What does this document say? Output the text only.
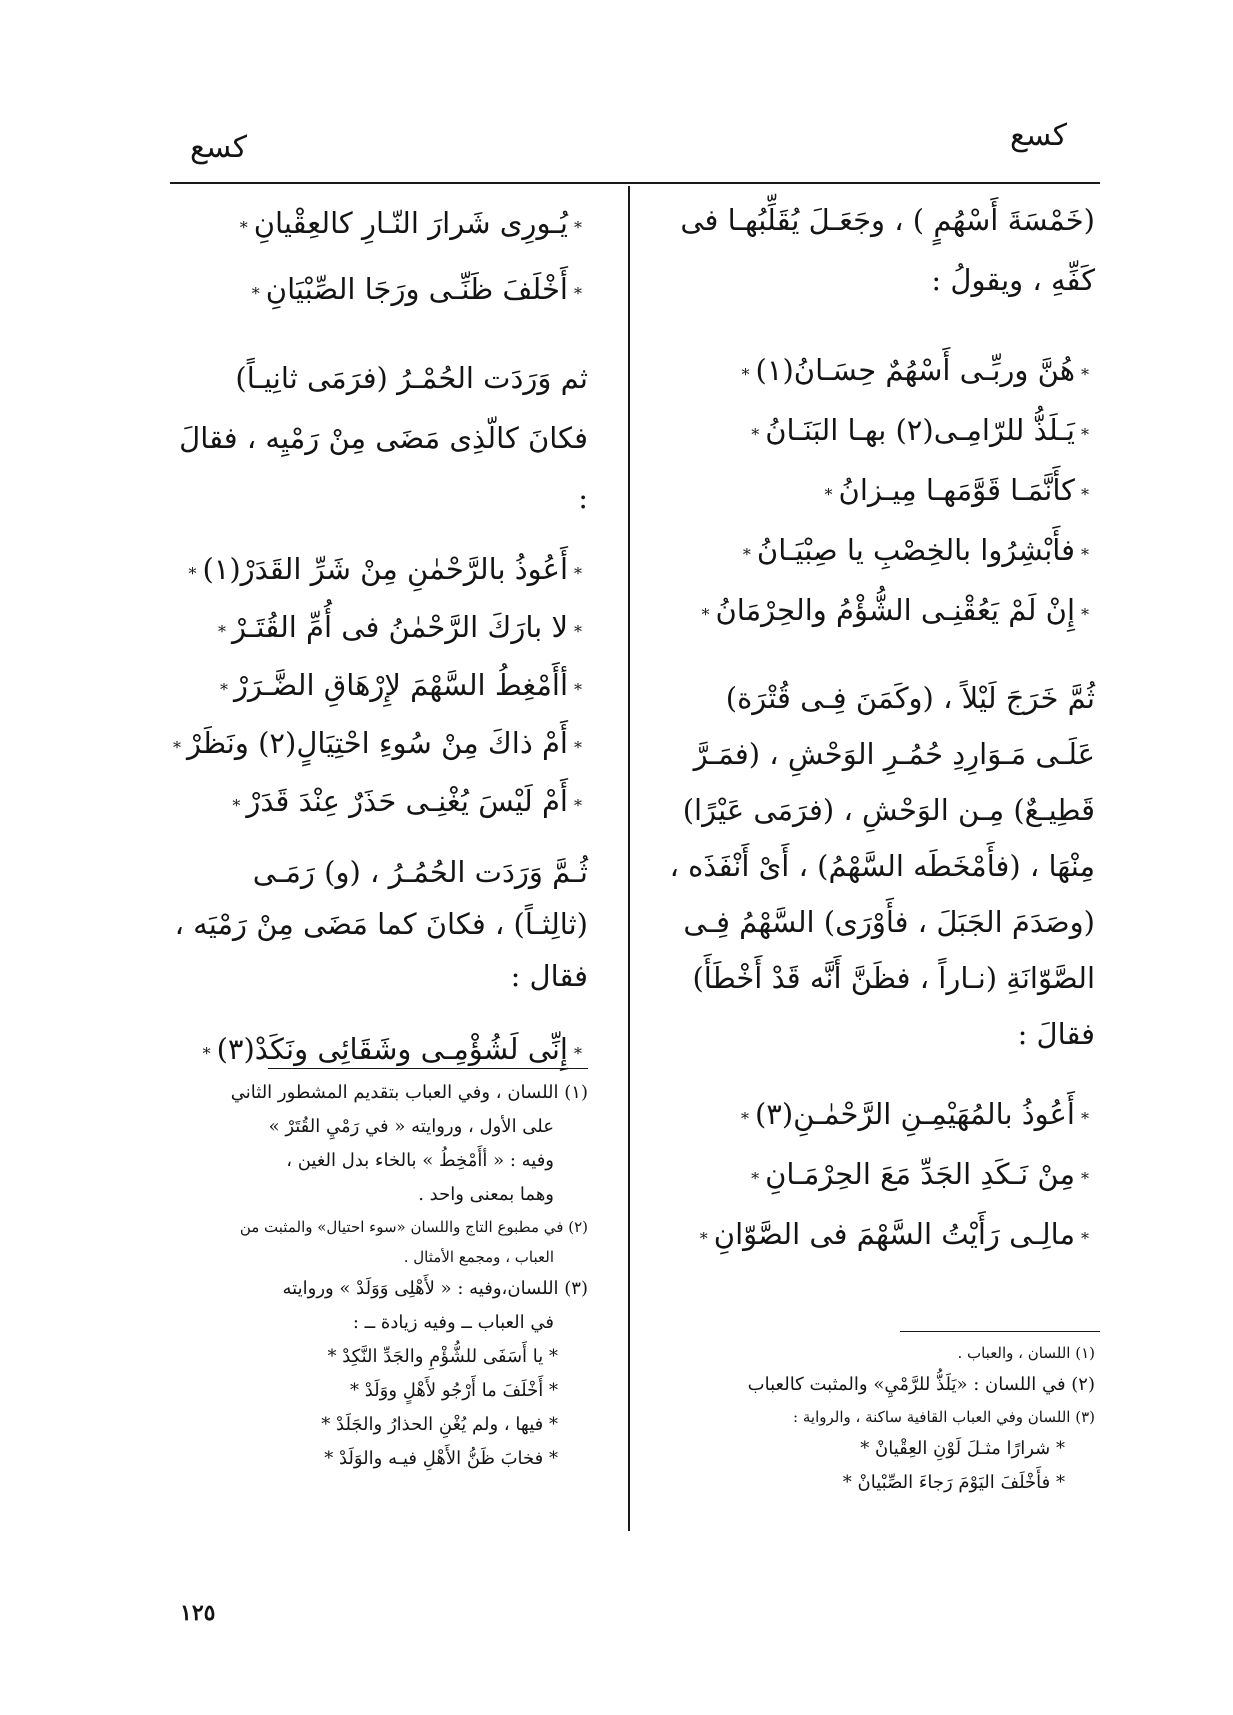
كسع	كسع
*يُـورِى شَرارَ النّـارِ كالعِقْيانِ*
*أَخْلَفَ ظَنِّـى ورَجَا الصِّبْيَانِ*
ثم وَرَدَت الحُمْـرُ (فرَمَى ثانِيـاً)
فكانَ كالّذِى مَضَى مِنْ رَمْيِه ، فقالَ :
*أَعُوذُ بالرَّحْمٰنِ مِنْ شَرِّ القَدَرْ(١)*
*لا بارَكَ الرَّحْمٰنُ فى أُمِّ القُتَـرْ*
*أأَمْغِطُ السَّهْمَ لإِرْهَاقِ الضَّـرَرْ*
*أَمْ ذاكَ مِنْ سُوءِ احْتِيَالٍ(٢) ونَظَرْ*
*أَمْ لَيْسَ يُغْنِـى حَذَرٌ عِنْدَ قَدَرْ*
ثُـمَّ وَرَدَت الحُمُـرُ ، (و) رَمَـى
(ثالِثـاً) ، فكانَ كما مَضَى مِنْ رَمْيَه ،
فقال :
*إِنِّى لَشُؤْمِـى وشَقَائِى ونَكَدْ(٣)*
(١) اللسان ، وفي العباب بتقديم المشطور الثاني
على الأول ، وروايته « في رَمْيِ القُتَرْ »
وفيه : « أأَمْخِطُ » بالخاء بدل الغين ،
وهما بمعنى واحد .
(٢) في مطبوع التاج واللسان «سوء احتيال» والمثبت من
العباب ، ومجمع الأمثال .
(٣) اللسان،وفيه : « لأَهْلِى وَوَلَدْ » وروايته
في العباب ــ وفيه زيادة ــ :
* يا أَسَفَى للشُّؤْمِ والجَدِّ النَّكِدْ *
* أَخْلَفَ ما أَرْجُو لأَهْلٍ ووَلَدْ *
* فيها ، ولم يُغْنِ الحذارُ والجَلَدْ *
* فخابَ ظَنُّ الأَهْلِ فيـه والوَلَدْ *
(خَمْسَةَ أَسْهُمٍ ) ، وجَعَـلَ يُقَلِّبُهـا فى
كَفِّهِ ، ويقولُ :
*هُنَّ وربِّـى أَسْهُمٌ حِسَـانُ(١)*
*يَـلَذُّ للرّامِـى(٢) بهـا البَنَـانُ*
*كأَنَّمَـا قَوَّمَهـا مِيـزانُ*
*فأَبْشِرُوا بالخِصْبِ يا صِبْيَـانُ*
*إِنْ لَمْ يَعُقْنِـى الشُّؤْمُ والحِرْمَانُ*
ثُمَّ خَرَجَ لَيْلاً ، (وكَمَنَ فِـى قُتْرَة)
عَلَـى مَـوَارِدِ حُمُـرِ الوَحْشِ ، (فمَـرَّ
قَطِيـعٌ) مِـن الوَحْشِ ، (فرَمَى عَيْرًا)
مِنْهَا ، (فأَمْخَطَه السَّهْمُ) ، أَىْ أَنْفَذَه ،
(وصَدَمَ الجَبَلَ ، فأَوْرَى) السَّهْمُ فِـى
الصَّوّانَةِ (نـاراً ، فظَنَّ أَنَّه قَدْ أَخْطَأَ)
فقالَ :
*أَعُوذُ بالمُهَيْمِـنِ الرَّحْمٰـنِ(٣)*
*مِنْ نَـكَدِ الجَدِّ مَعَ الحِرْمَـانِ*
*مالِـى رَأَيْتُ السَّهْمَ فى الصَّوّانِ*
(١) اللسان ، والعباب .
(٢) في اللسان : «يَلَذُّ للرَّمْيِ» والمثبت كالعباب
(٣) اللسان وفي العباب القافية ساكنة ، والرواية :
* شرارًا مثـلَ لَوْنِ العِقْيانْ *
* فأَخْلَفَ اليَوْمَ رَجاءَ الصِّبْيانْ *
١٢٥
